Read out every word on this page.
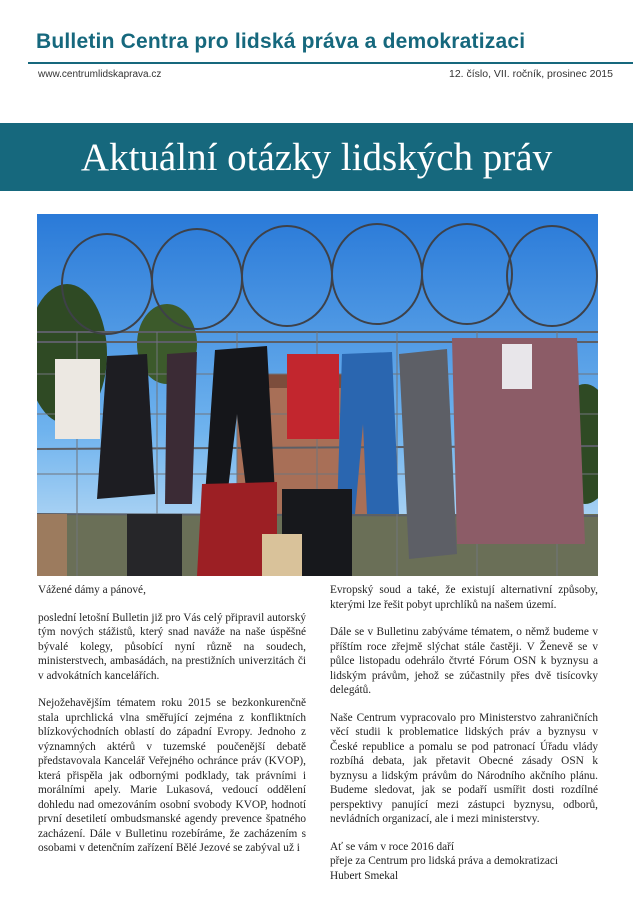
Bulletin Centra pro lidská práva a demokratizaci
www.centrumlidskaprava.cz	12. číslo, VII. ročník, prosinec 2015
Aktuální otázky lidských práv

Vážené dámy a pánové,

poslední letošní Bulletin již pro Vás celý připravil autorský tým nových stážistů, který snad naváže na naše úspěšné bývalé kolegy, působící nyní různě na soudech, ministerstvech, ambasádách, na prestižních univerzitách či v advokátních kancelářích.

Nejožehavějším tématem roku 2015 se bezkonkurenčně stala uprchlická vlna směřující zejména z konfliktních blízkovýchodních oblastí do západní Evropy. Jednoho z významných aktérů v tuzemské poučenější debatě představovala Kancelář Veřejného ochránce práv (KVOP), která přispěla jak odbornými podklady, tak právními i morálními apely. Marie Lukasová, vedoucí oddělení dohledu nad omezováním osobní svobody KVOP, hodnotí první desetiletí ombudsmanské agendy prevence špatného zacházení. Dále v Bulletinu rozebíráme, že zacházením s osobami v detenčním zařízení Bělé Jezové se zabýval už i

Evropský soud a také, že existují alternativní způsoby, kterými lze řešit pobyt uprchlíků na našem území.

Dále se v Bulletinu zabýváme tématem, o němž budeme v příštím roce zřejmě slýchat stále častěji. V Ženevě se v půlce listopadu odehrálo čtvrté Fórum OSN k byznysu a lidským právům, jehož se zúčastnily přes dvě tisícovky delegátů.

Naše Centrum vypracovalo pro Ministerstvo zahraničních věcí studii k problematice lidských práv a byznysu v České republice a pomalu se pod patronací Úřadu vlády rozbíhá debata, jak přetavit Obecné zásady OSN k byznysu a lidským právům do Národního akčního plánu. Budeme sledovat, jak se podaří usmířit dosti rozdílné perspektivy panující mezi zástupci byznysu, odborů, nevládních organizací, ale i mezi ministerstvy.

Ať se vám v roce 2016 daří
přeje za Centrum pro lidská práva a demokratizaci
Hubert Smekal
